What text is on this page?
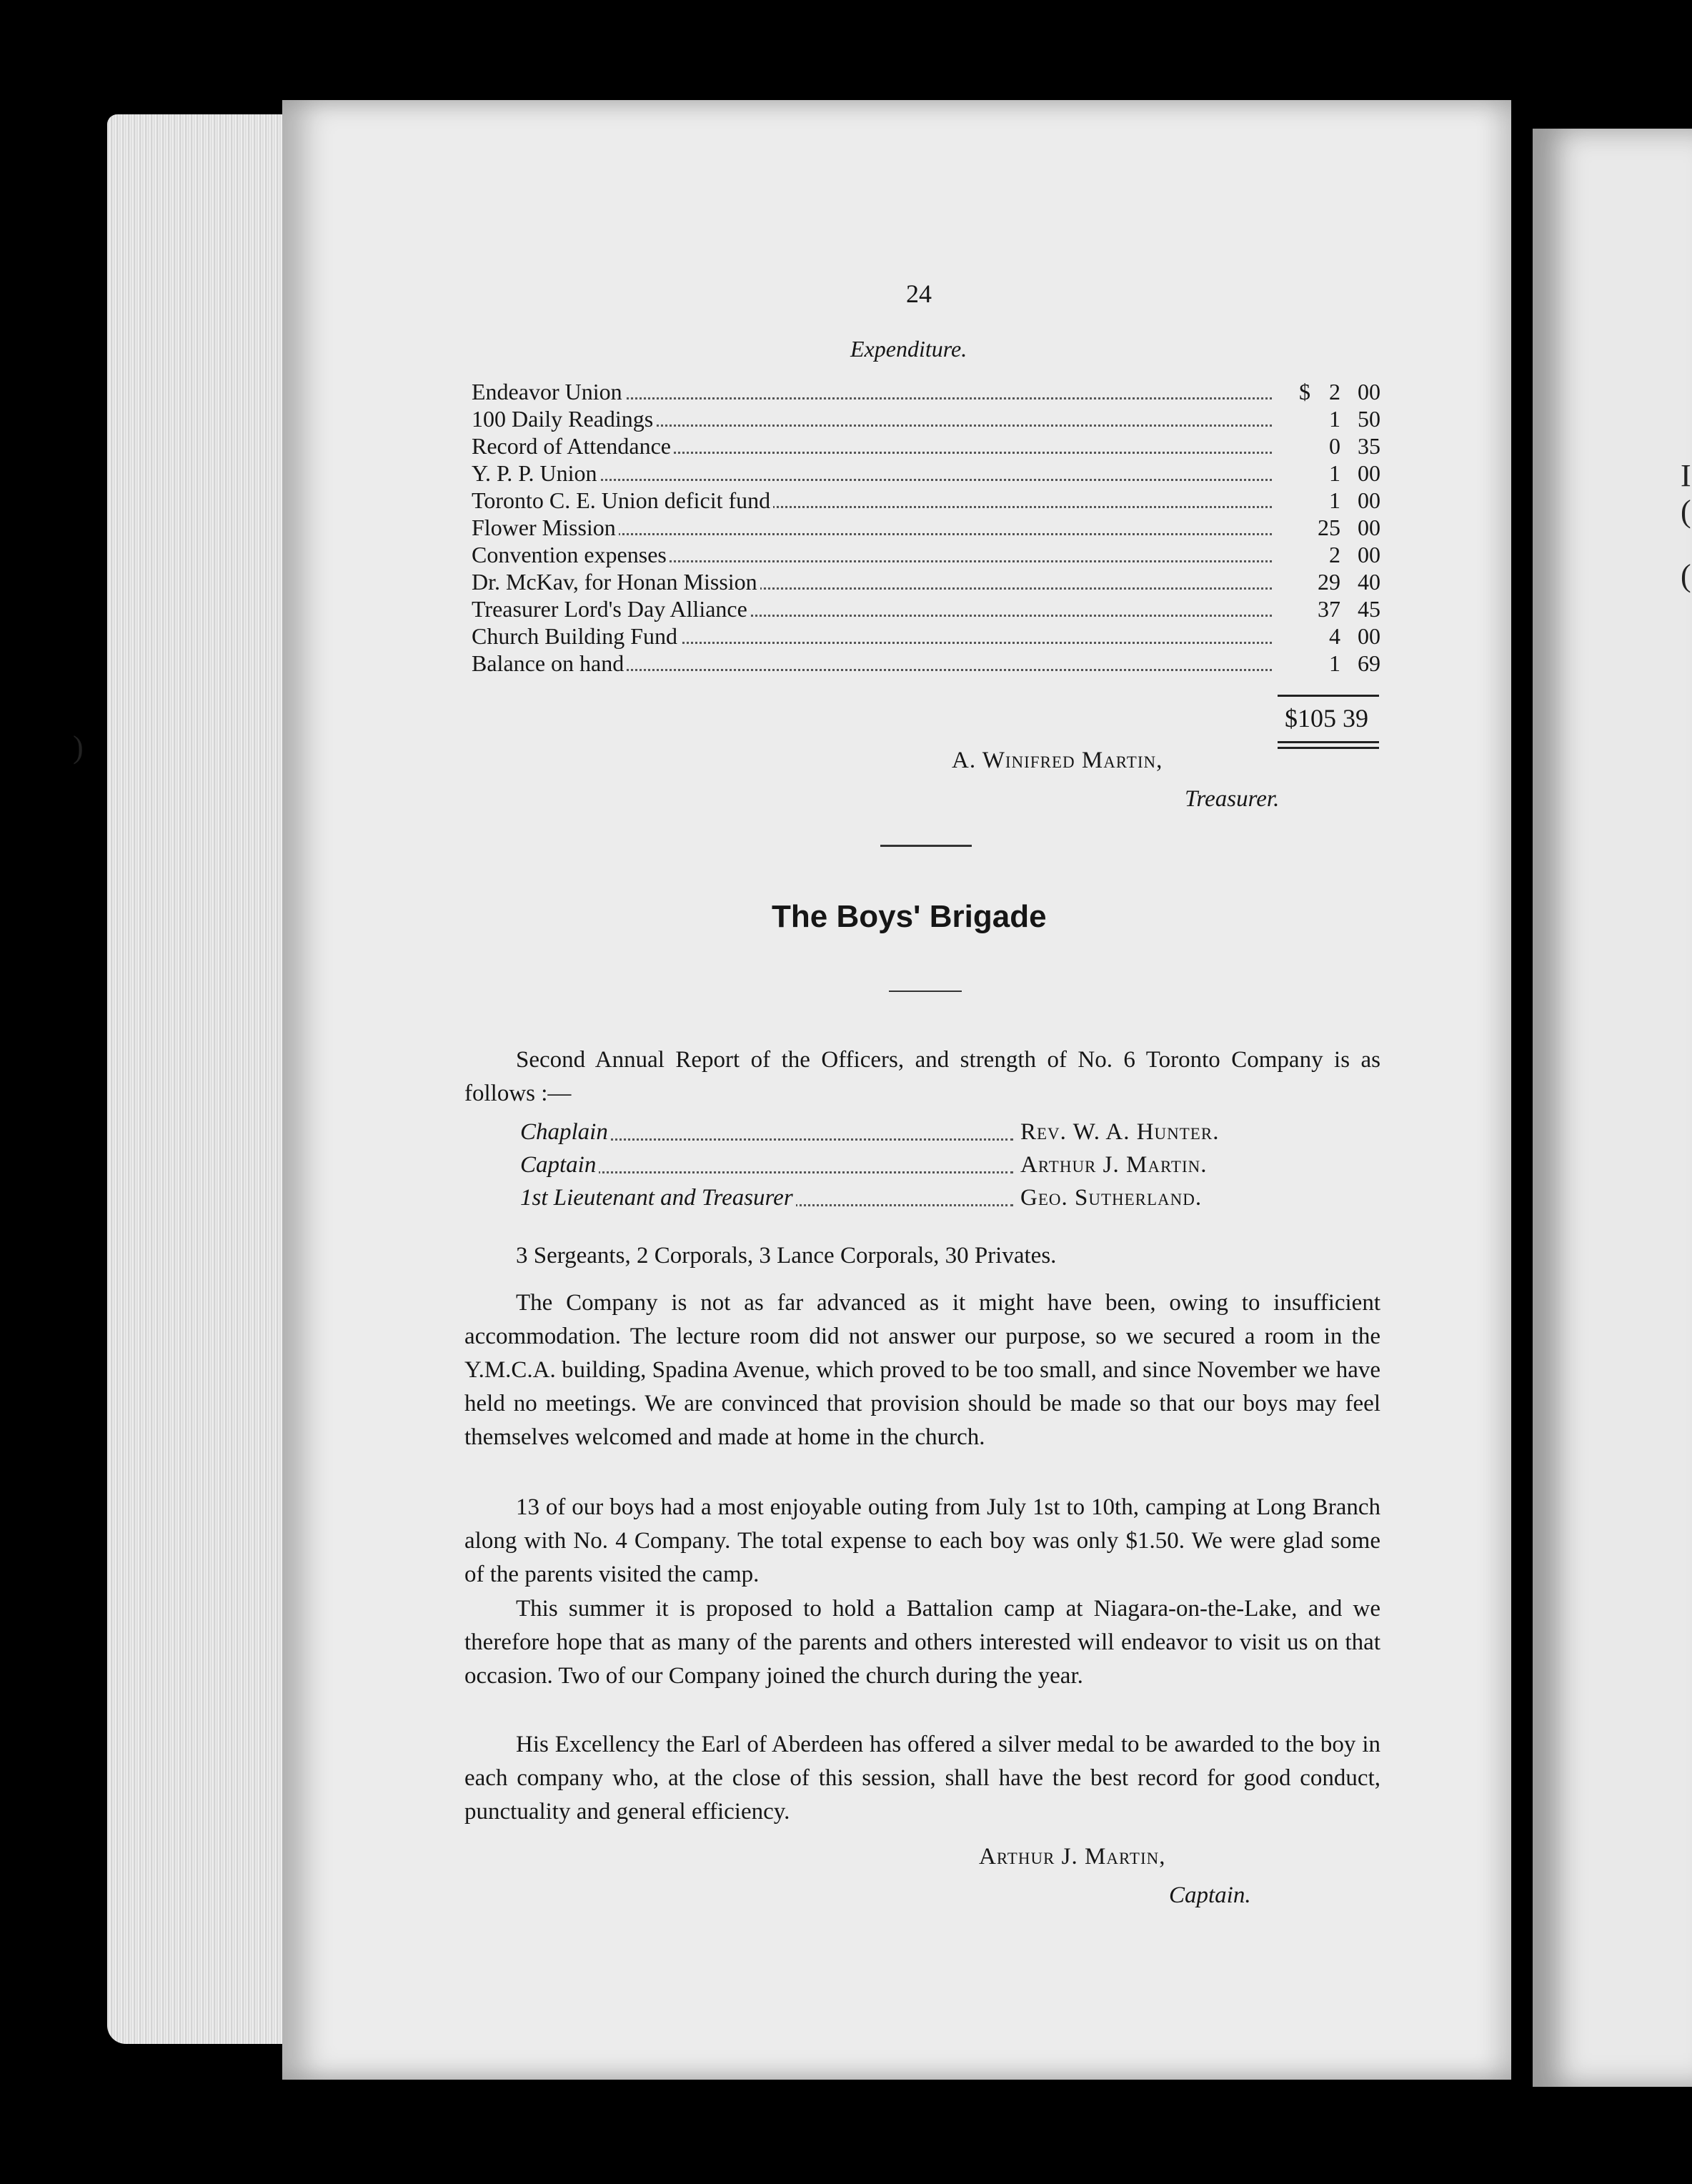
)
I
(
(
24
Expenditure.
Endeavor Union	$ 2 00
100 Daily Readings	1 50
Record of Attendance	0 35
Y. P. P. Union	1 00
Toronto C. E. Union deficit fund	1 00
Flower Mission	25 00
Convention expenses	2 00
Dr. McKav, for Honan Mission	29 40
Treasurer Lord's Day Alliance	37 45
Church Building Fund	4 00
Balance on hand	1 69
$105 39
A. Winifred Martin,
Treasurer.
The Boys' Brigade
Second Annual Report of the Officers, and strength of No. 6 Toronto Company is as follows :—
Chaplain	Rev. W. A. Hunter.
Captain	Arthur J. Martin.
1st Lieutenant and Treasurer	Geo. Sutherland.
3 Sergeants, 2 Corporals, 3 Lance Corporals, 30 Privates.
The Company is not as far advanced as it might have been, owing to insufficient accommodation. The lecture room did not answer our purpose, so we secured a room in the Y.M.C.A. building, Spadina Avenue, which proved to be too small, and since November we have held no meetings. We are convinced that provision should be made so that our boys may feel themselves welcomed and made at home in the church.
13 of our boys had a most enjoyable outing from July 1st to 10th, camping at Long Branch along with No. 4 Company. The total expense to each boy was only $1.50. We were glad some of the parents visited the camp.
This summer it is proposed to hold a Battalion camp at Niagara-on-the-Lake, and we therefore hope that as many of the parents and others interested will endeavor to visit us on that occasion. Two of our Company joined the church during the year.
His Excellency the Earl of Aberdeen has offered a silver medal to be awarded to the boy in each company who, at the close of this session, shall have the best record for good conduct, punctuality and general efficiency.
Arthur J. Martin,
Captain.
